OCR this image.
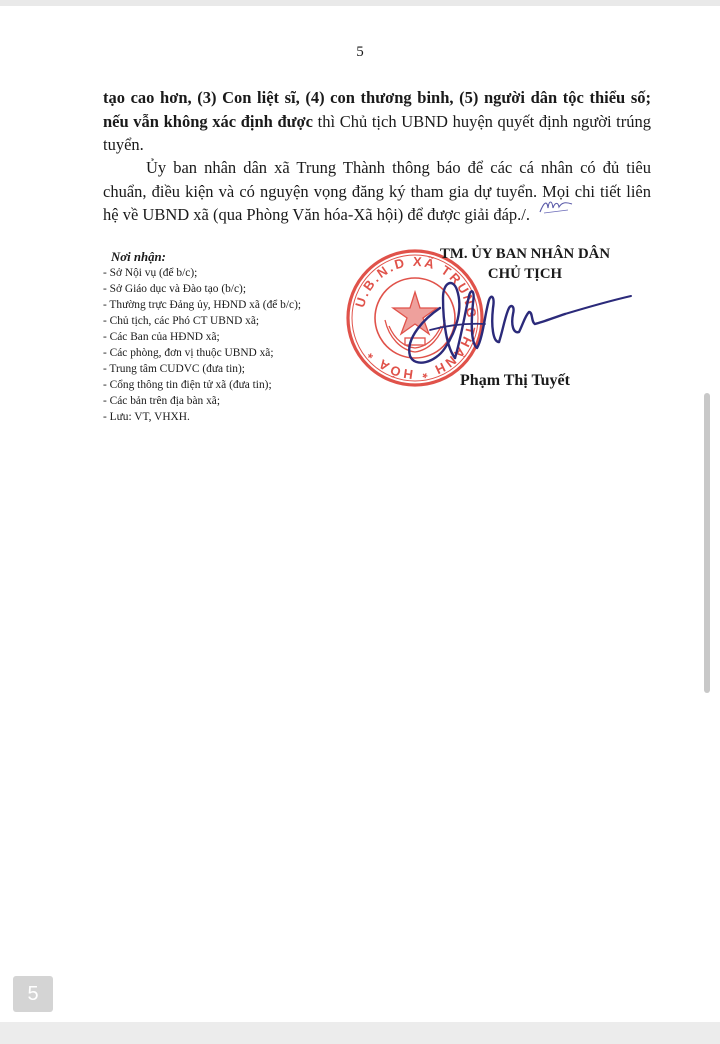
5
tạo cao hơn, (3) Con liệt sĩ, (4) con thương binh, (5) người dân tộc thiểu số; nếu vẫn không xác định được thì Chủ tịch UBND huyện quyết định người trúng tuyển.
Ủy ban nhân dân xã Trung Thành thông báo để các cá nhân có đủ tiêu chuẩn, điều kiện và có nguyện vọng đăng ký tham gia dự tuyển. Mọi chi tiết liên hệ về UBND xã (qua Phòng Văn hóa-Xã hội) để được giải đáp./.
Nơi nhận:
- Sở Nội vụ (để b/c);
- Sở Giáo dục và Đào tạo (b/c);
- Thường trực Đảng ủy, HĐND xã (để b/c);
- Chủ tịch, các Phó CT UBND xã;
- Các Ban của HĐND xã;
- Các phòng, đơn vị thuộc UBND xã;
- Trung tâm CUDVC (đưa tin);
- Cổng thông tin điện tử xã (đưa tin);
- Các bản trên địa bàn xã;
- Lưu: VT, VHXH.
U.B.N.D XÃ TRUNG THÀNH * HÓA *
TM. ỦY BAN NHÂN DÂN
CHỦ TỊCH
Phạm Thị Tuyết
5
